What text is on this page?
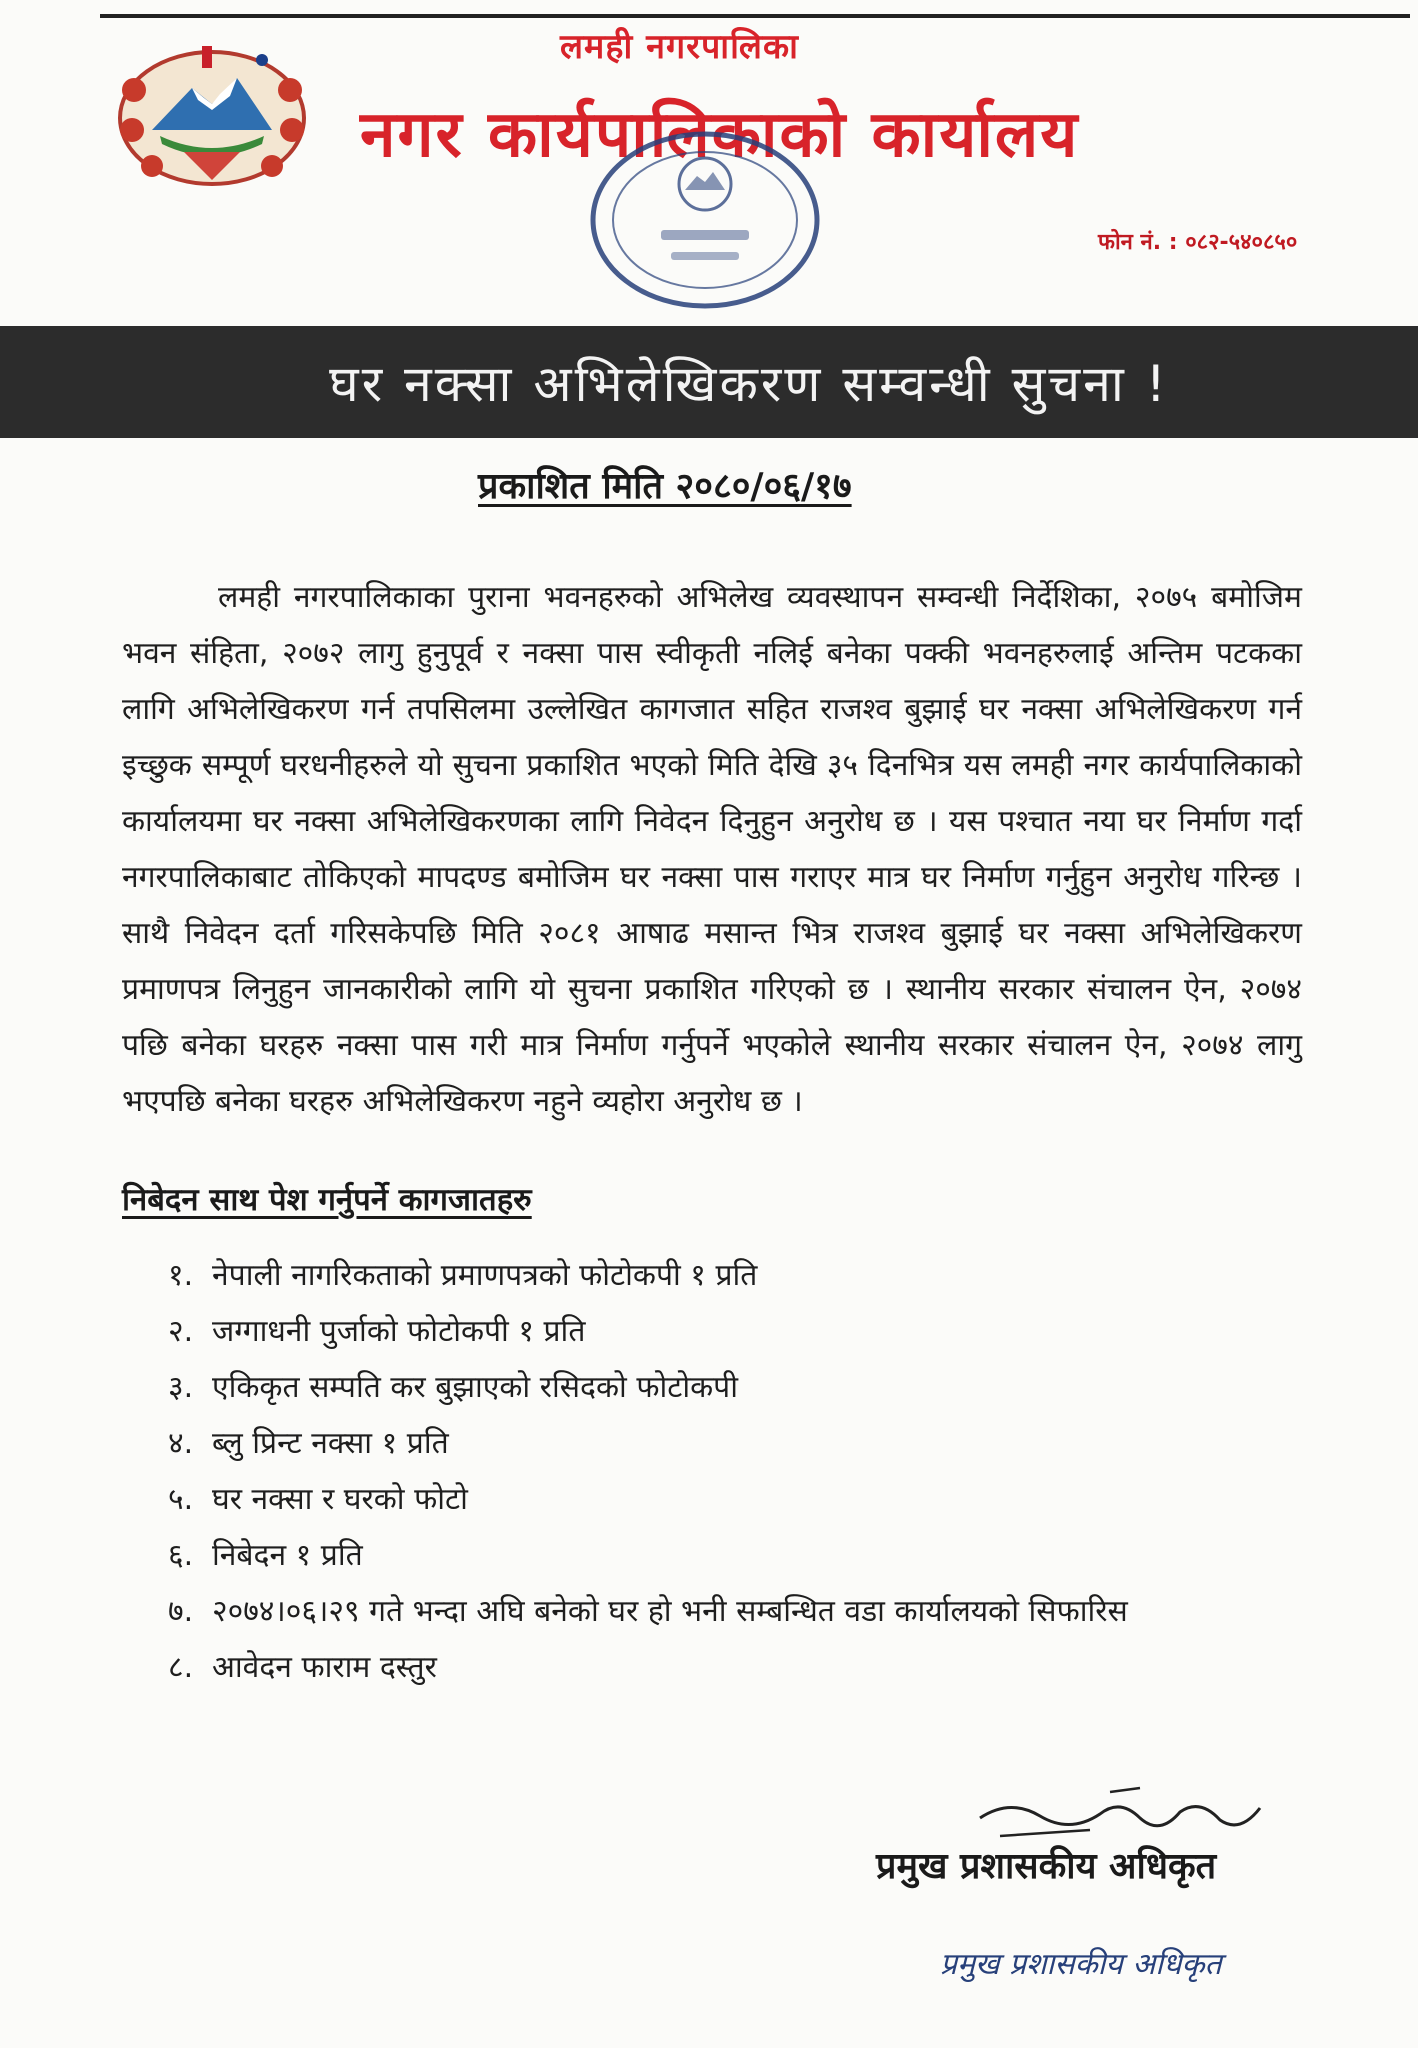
लमही नगरपालिका
नगर कार्यपालिकाको कार्यालय
फोन नं. : ०८२-५४०८५०
घर नक्सा अभिलेखिकरण सम्वन्धी सुचना !
प्रकाशित मिति २०८०/०६/१७

लमही नगरपालिकाका पुराना भवनहरुको अभिलेख व्यवस्थापन सम्वन्धी निर्देशिका, २०७५ बमोजिम भवन संहिता, २०७२ लागु हुनुपूर्व र नक्सा पास स्वीकृती नलिई बनेका पक्की भवनहरुलाई अन्तिम पटकका लागि अभिलेखिकरण गर्न तपसिलमा उल्लेखित कागजात सहित राजश्व बुझाई घर नक्सा अभिलेखिकरण गर्न इच्छुक सम्पूर्ण घरधनीहरुले यो सुचना प्रकाशित भएको मिति देखि ३५ दिनभित्र यस लमही नगर कार्यपालिकाको कार्यालयमा घर नक्सा अभिलेखिकरणका लागि निवेदन दिनुहुन अनुरोध छ । यस पश्चात नया घर निर्माण गर्दा नगरपालिकाबाट तोकिएको मापदण्ड बमोजिम घर नक्सा पास गराएर मात्र घर निर्माण गर्नुहुन अनुरोध गरिन्छ । साथै निवेदन दर्ता गरिसकेपछि मिति २०८१ आषाढ मसान्त भित्र राजश्व बुझाई घर नक्सा अभिलेखिकरण प्रमाणपत्र लिनुहुन जानकारीको लागि यो सुचना प्रकाशित गरिएको छ । स्थानीय सरकार संचालन ऐन, २०७४ पछि बनेका घरहरु नक्सा पास गरी मात्र निर्माण गर्नुपर्ने भएकोले स्थानीय सरकार संचालन ऐन, २०७४ लागु भएपछि बनेका घरहरु अभिलेखिकरण नहुने व्यहोरा अनुरोध छ ।

निबेदन साथ पेश गर्नुपर्ने कागजातहरु
१. नेपाली नागरिकताको प्रमाणपत्रको फोटोकपी १ प्रति
२. जग्गाधनी पुर्जाको फोटोकपी १ प्रति
३. एकिकृत सम्पति कर बुझाएको रसिदको फोटोकपी
४. ब्लु प्रिन्ट नक्सा १ प्रति
५. घर नक्सा र घरको फोटो
६. निबेदन १ प्रति
७. २०७४।०६।२९ गते भन्दा अघि बनेको घर हो भनी सम्बन्धित वडा कार्यालयको सिफारिस
८. आवेदन फाराम दस्तुर
प्रमुख प्रशासकीय अधिकृत
प्रमुख प्रशासकीय अधिकृत
